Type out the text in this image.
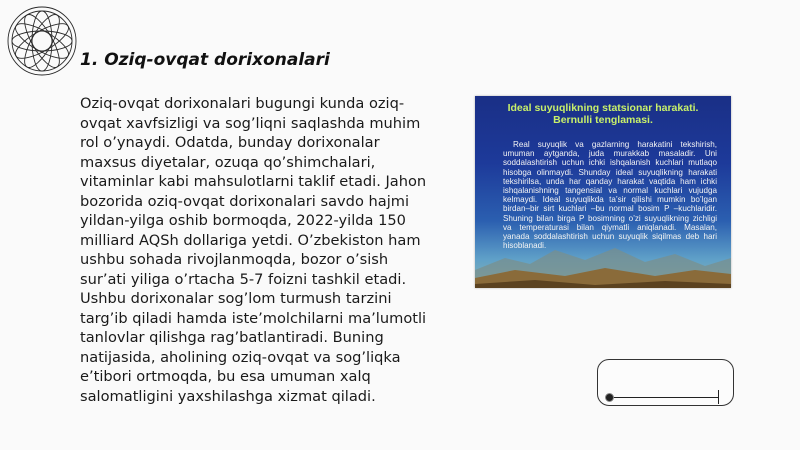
1. Oziq-ovqat dorixonalari
Oziq-ovqat dorixonalari bugungi kunda oziq-ovqat xavfsizligi va sog’liqni saqlashda muhim rol o’ynaydi. Odatda, bunday dorixonalar maxsus diyetalar, ozuqa qo’shimchalari, vitaminlar kabi mahsulotlarni taklif etadi. Jahon bozorida oziq-ovqat dorixonalari savdo hajmi yildan-yilga oshib bormoqda, 2022-yilda 150 milliard AQSh dollariga yetdi. O’zbekiston ham ushbu sohada rivojlanmoqda, bozor o’sish sur’ati yiliga o’rtacha 5-7 foizni tashkil etadi. Ushbu dorixonalar sog’lom turmush tarzini targ’ib qiladi hamda iste’molchilarni ma’lumotli tanlovlar qilishga rag’batlantiradi. Buning natijasida, aholining oziq-ovqat va sog’liqka e’tibori ortmoqda, bu esa umuman xalq salomatligini yaxshilashga xizmat qiladi.
Ideal suyuqlikning statsionar harakati.
Bernulli tenglamasi.
Real suyuqlik va gazlarning harakatini tekshirish, umuman aytganda, juda murakkab masaladir. Uni soddalashtirish uchun ichki ishqalanish kuchlari mutlaqo hisobga olinmaydi. Shunday ideal suyuqlikning harakati tekshirilsa, unda har qanday harakat vaqtida ham ichki ishqalanishning tangensial va normal kuchlari vujudga kelmaydi. Ideal suyuqlikda ta’sir qilishi mumkin bo’lgan birdan–bir sirt kuchlari –bu normal bosim P –kuchlaridir. Shuning bilan birga P bosimning o’zi suyuqlikning zichligi va temperaturasi bilan qiymatli aniqlanadi. Masalan, yanada soddalashtirish uchun suyuqlik siqilmas deb hari hisoblanadi.
